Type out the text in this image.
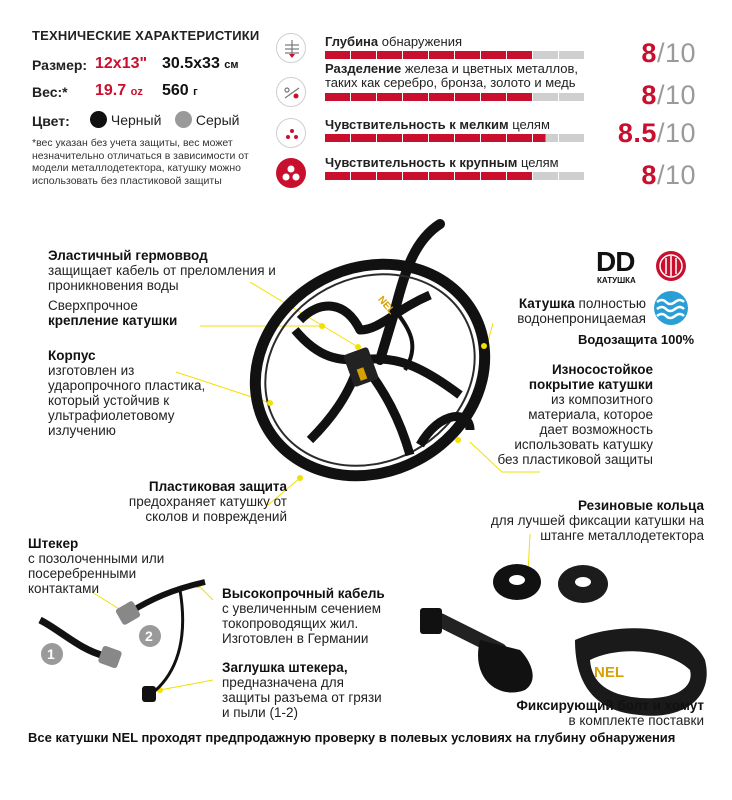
ТЕХНИЧЕСКИЕ ХАРАКТЕРИСТИКИ
Размер: 12x13" 30.5x33 см
Вес:* 19.7 oz 560 г
Цвет:	Черный	Серый
*вес указан без учета защиты, вес может незначительно отличаться в зависимости от модели металлодетектора, катушку можно использовать без пластиковой защиты
Глубина обнаружения	8/10
Разделение железа и цветных металлов, таких как серебро, бронза, золото и медь	8/10
Чувствительность к мелким целям	8.5/10
Чувствительность к крупным целям	8/10
1
2
NEL
NEL
DD
КАТУШКА
Водозащита 100%
Эластичный гермоввод
защищает кабель от преломления и проникновения воды
Сверхпрочное
крепление катушки
Корпус
изготовлен из ударопрочного пластика, который устойчив к ультрафиолетовому излучению
Катушка полностью водонепроницаемая
Износостойкое покрытие катушки
из композитного материала, которое дает возможность использовать катушку без пластиковой защиты
Пластиковая защита
предохраняет катушку от сколов и повреждений
Штекер
с позолоченными или посеребренными контактами	Высокопрочный кабель
с увеличенным сечением токопроводящих жил. Изготовлен в Германии
Заглушка штекера,
предназначена для защиты разъема от грязи и пыли (1-2)
Резиновые кольца
для лучшей фиксации катушки на штанге металлодетектора
Фиксирующий болт и хомут
в комплекте поставки
Все катушки NEL проходят предпродажную проверку в полевых условиях на глубину обнаружения
